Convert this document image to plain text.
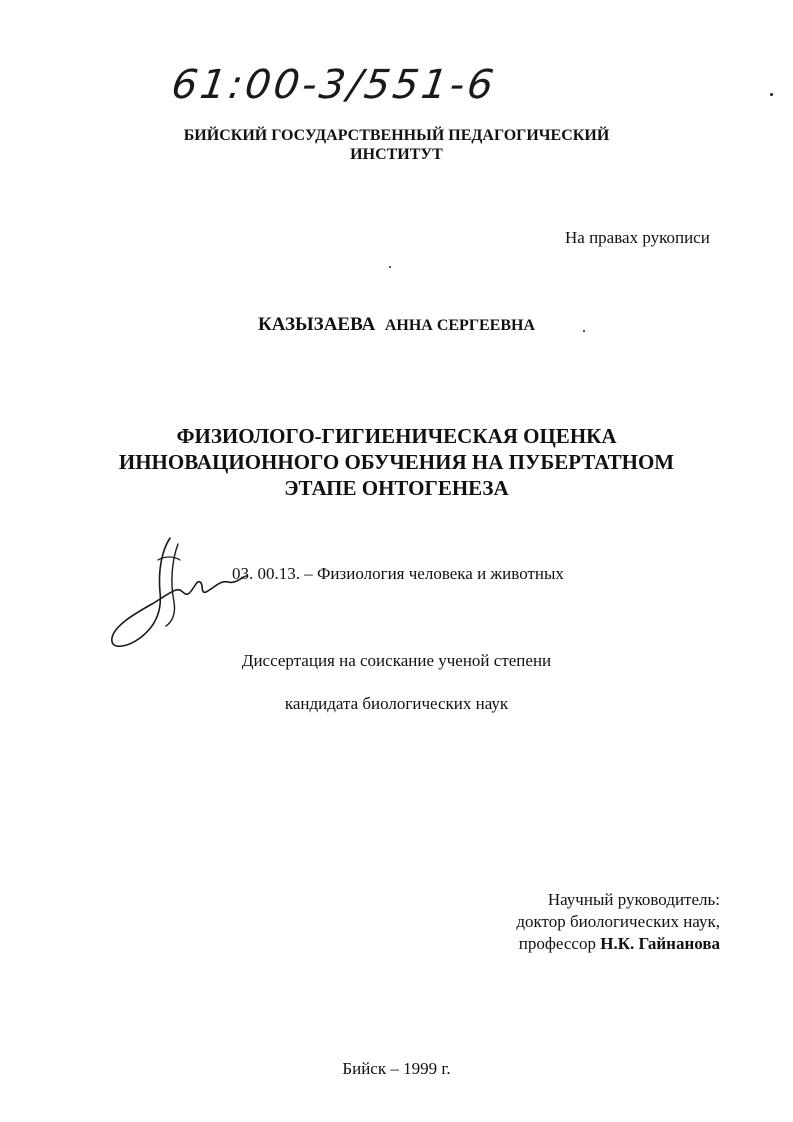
61:00-3/551-6
БИЙСКИЙ ГОСУДАРСТВЕННЫЙ ПЕДАГОГИЧЕСКИЙ
ИНСТИТУТ
На правах рукописи
КАЗЫЗАЕВА АННА СЕРГЕЕВНА
ФИЗИОЛОГО-ГИГИЕНИЧЕСКАЯ ОЦЕНКА
ИННОВАЦИОННОГО ОБУЧЕНИЯ НА ПУБЕРТАТНОМ
ЭТАПЕ ОНТОГЕНЕЗА
03. 00.13. – Физиология человека и животных
Диссертация на соискание ученой степени
кандидата биологических наук
Научный руководитель:
доктор биологических наук,
профессор Н.К. Гайнанова
Бийск – 1999 г.
